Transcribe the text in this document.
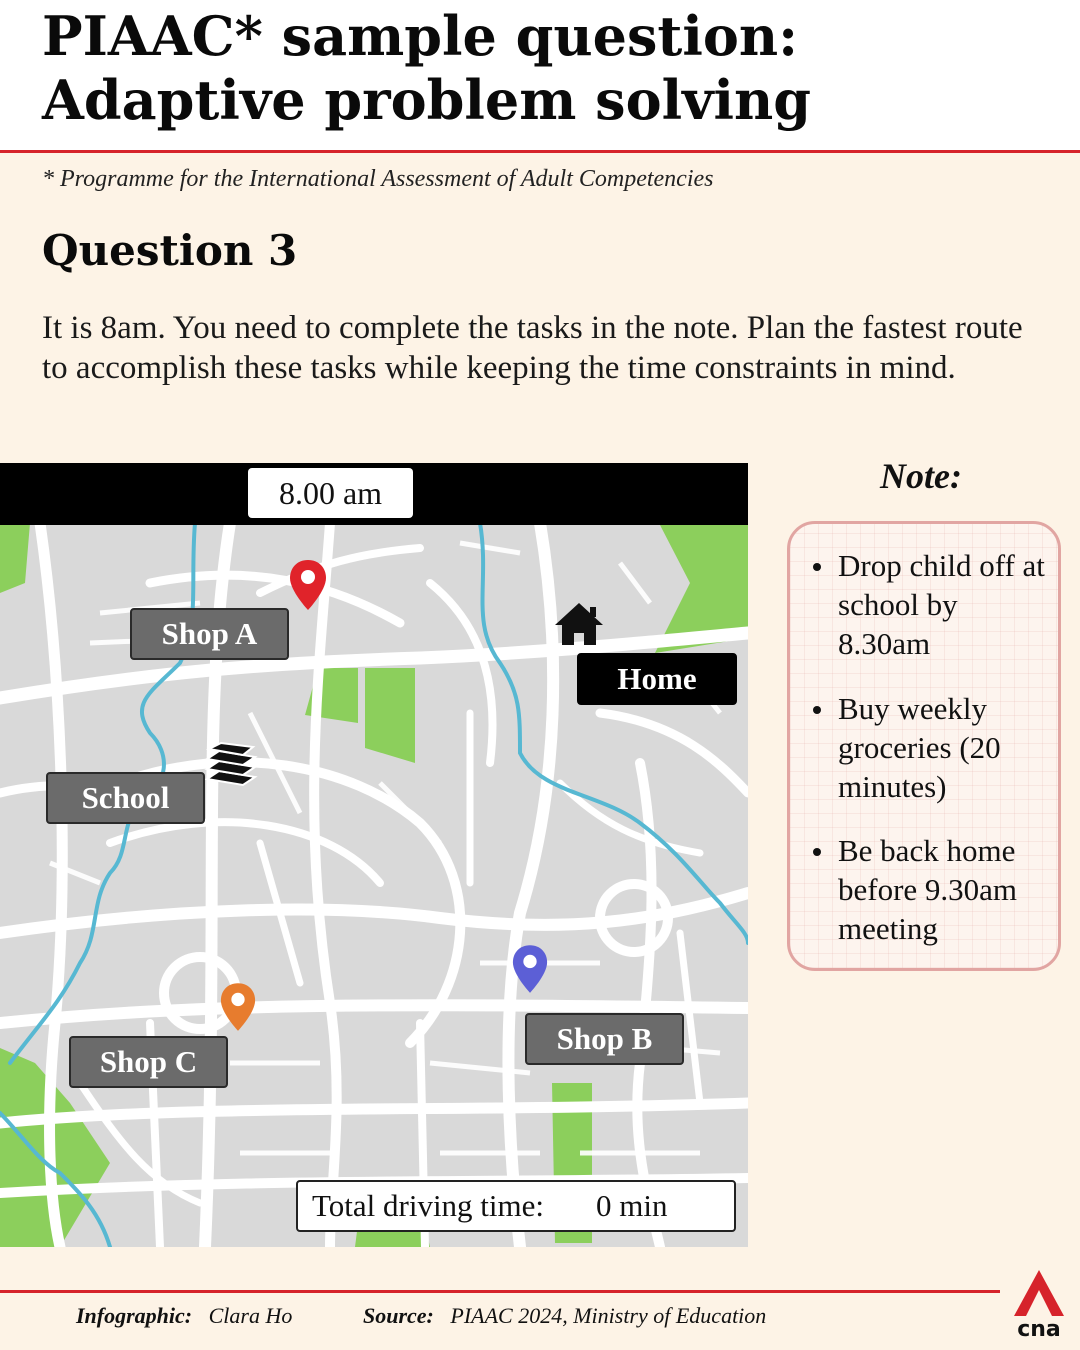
PIAAC* sample question: Adaptive problem solving
* Programme for the International Assessment of Adult Competencies
Question 3
It is 8am. You need to complete the tasks in the note. Plan the fastest route to accomplish these tasks while keeping the time constraints in mind.
8.00 am
Shop A
Home
School
Shop B
Shop C
Total driving time: 0 min
Note:
Drop child off at school by 8.30am
Buy weekly groceries (20 minutes)
Be back home before 9.30am meeting
Infographic: Clara Ho	Source: PIAAC 2024, Ministry of Education
cna
